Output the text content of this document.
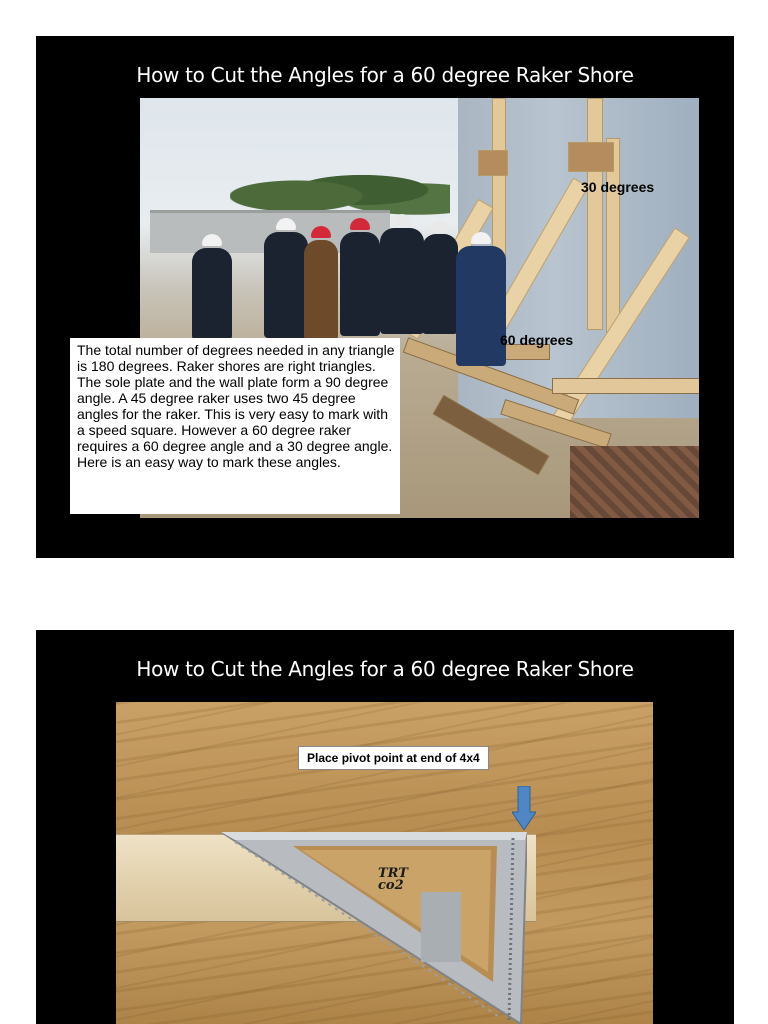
How to Cut the Angles for a 60 degree Raker Shore
30 degrees
60 degrees
The total number of degrees needed in any triangle is 180 degrees. Raker shores are right triangles. The sole plate and the wall plate form a 90 degree angle. A 45 degree raker uses two 45 degree angles for the raker. This is very easy to mark with a speed square. However a 60 degree raker requires a 60 degree angle and a 30 degree angle. Here is an easy way to mark these angles.
How to Cut the Angles for a 60 degree Raker Shore
TRT
co2
Place pivot point at end of 4x4
